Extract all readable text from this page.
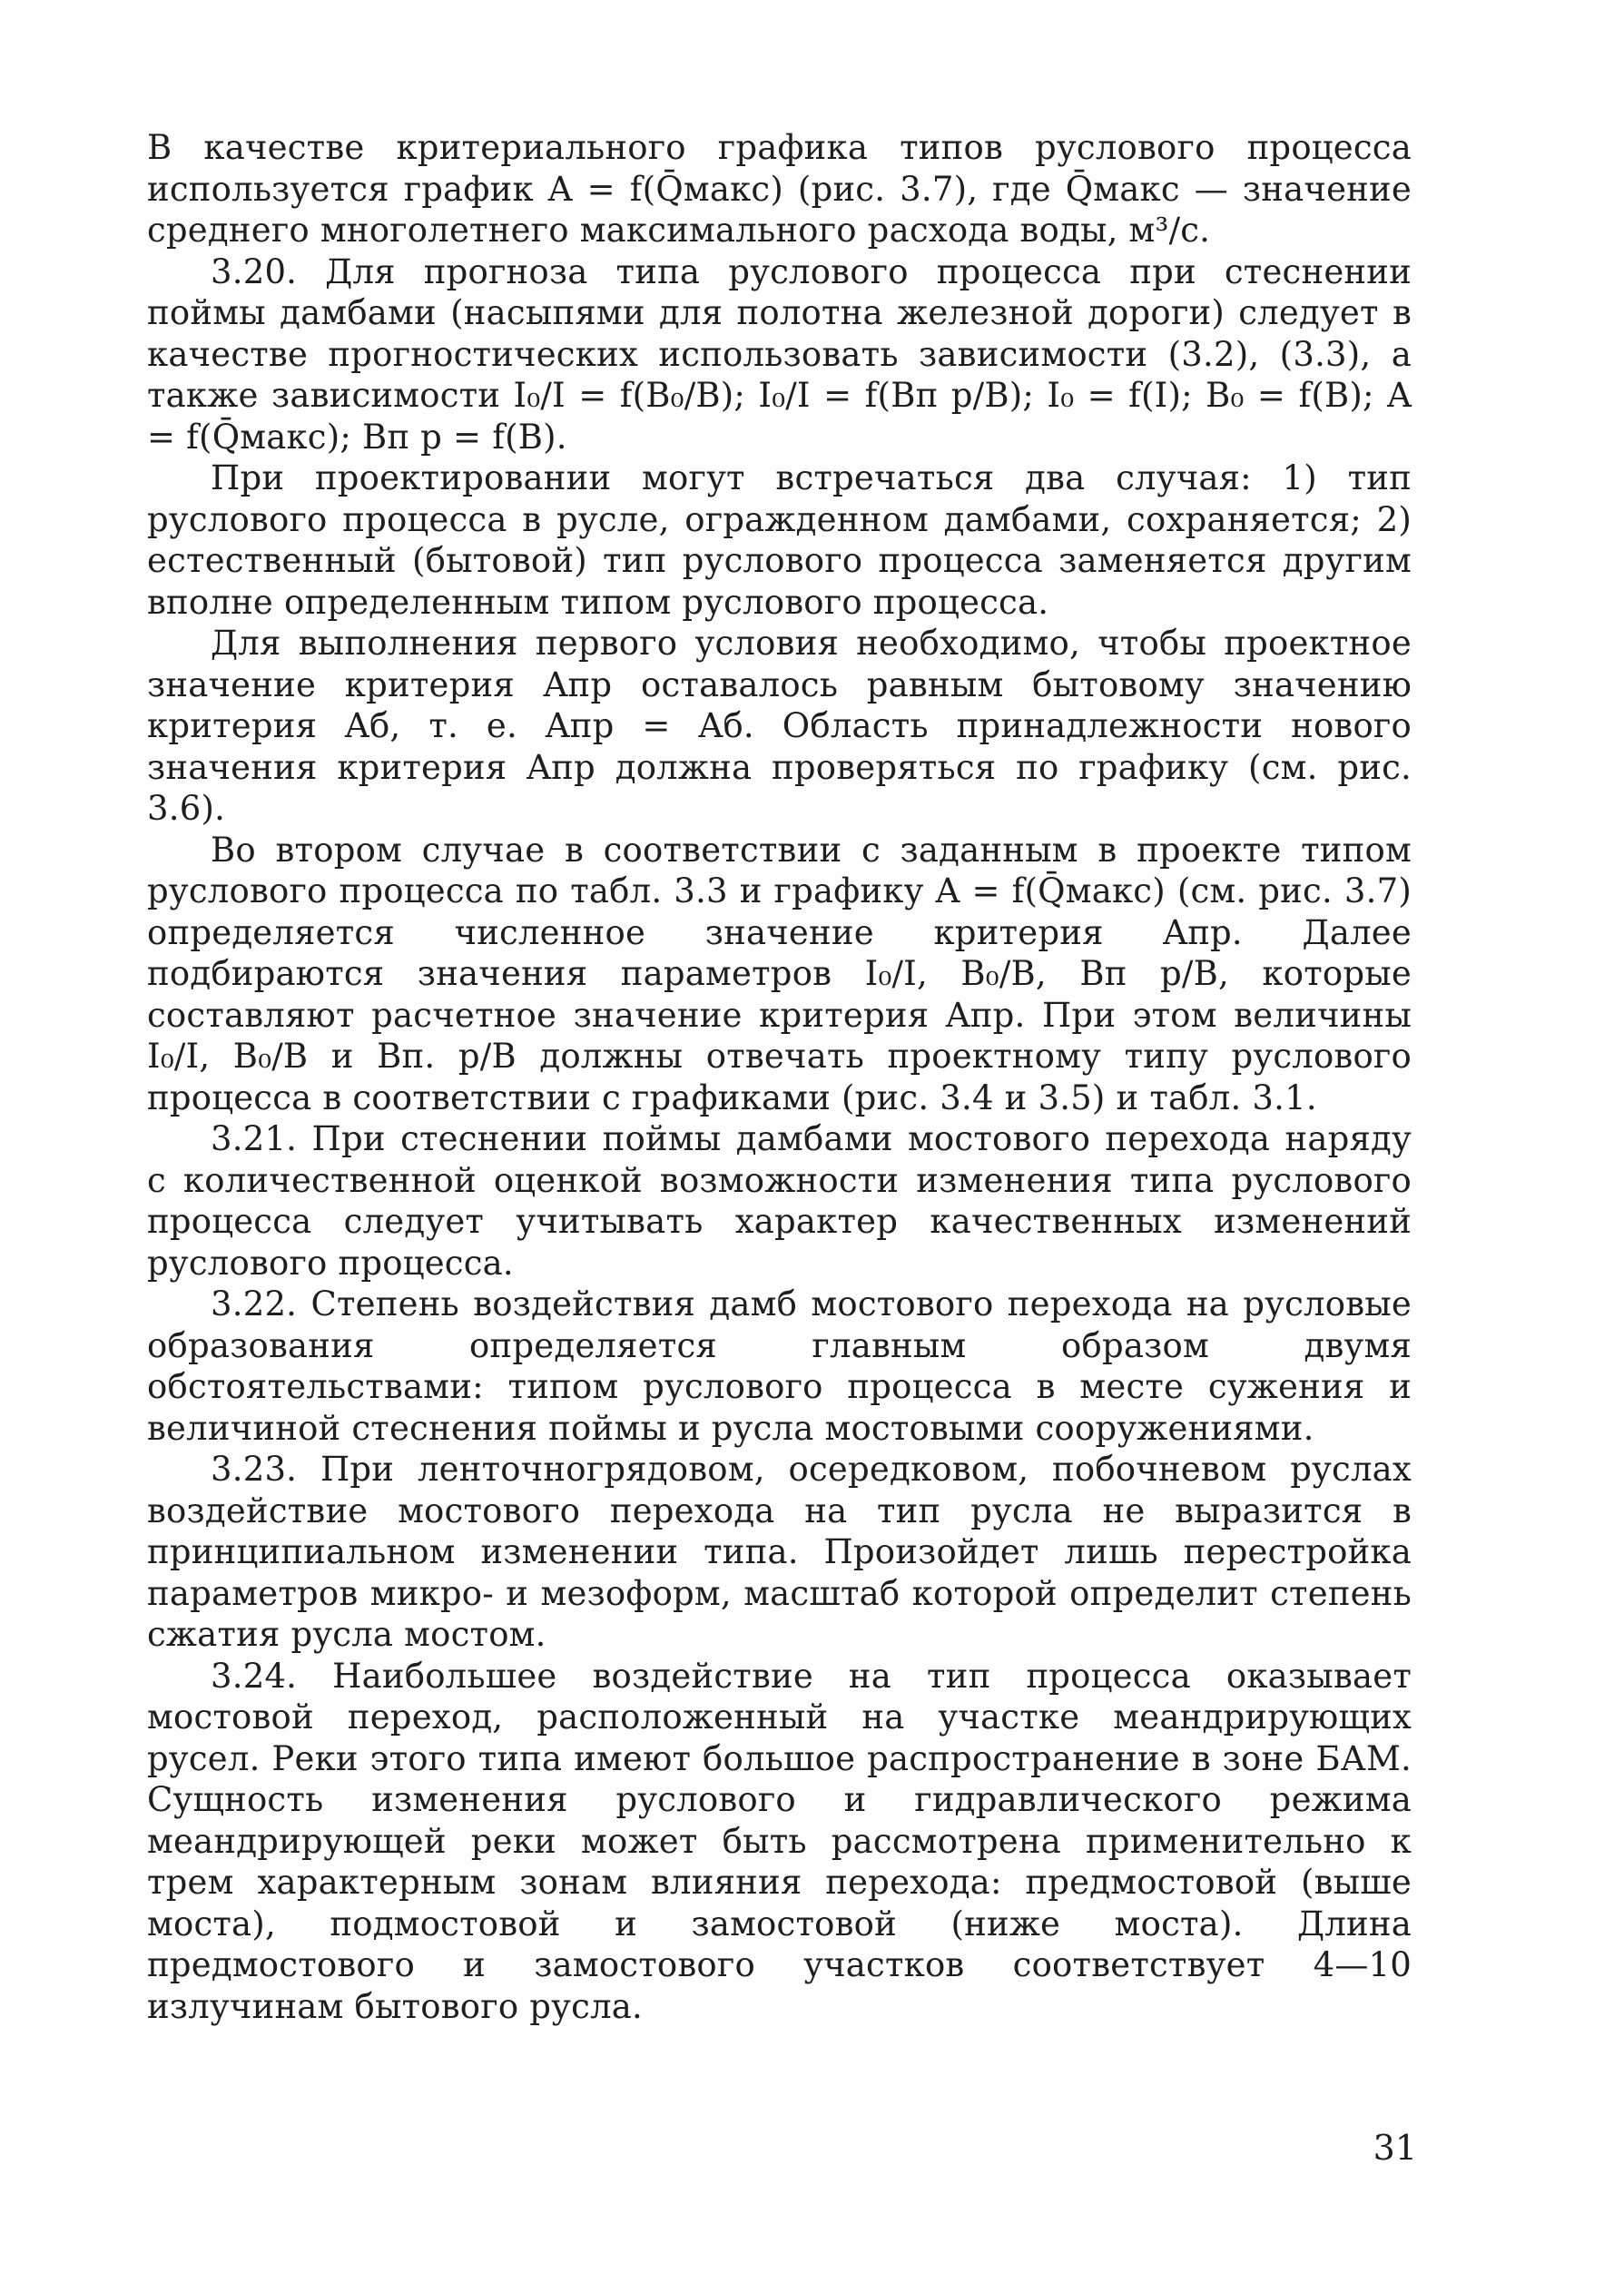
В качестве критериального графика типов руслового процесса используется график A = f(Q̄макс) (рис. 3.7), где Q̄макс — значение среднего многолетнего максимального расхода воды, м³/с.

3.20. Для прогноза типа руслового процесса при стеснении поймы дамбами (насыпями для полотна железной дороги) следует в качестве прогностических использовать зависимости (3.2), (3.3), а также зависимости I₀/I = f(B₀/B); I₀/I = f(Bп р/B); I₀ = f(I); B₀ = f(B); A = f(Q̄макс); Bп р = f(B).

При проектировании могут встречаться два случая: 1) тип руслового процесса в русле, огражденном дамбами, сохраняется; 2) естественный (бытовой) тип руслового процесса заменяется другим вполне определенным типом руслового процесса.

Для выполнения первого условия необходимо, чтобы проектное значение критерия Aпр оставалось равным бытовому значению критерия Aб, т. е. Aпр = Aб. Область принадлежности нового значения критерия Aпр должна проверяться по графику (см. рис. 3.6).

Во втором случае в соответствии с заданным в проекте типом руслового процесса по табл. 3.3 и графику A = f(Q̄макс) (см. рис. 3.7) определяется численное значение критерия Aпр. Далее подбираются значения параметров I₀/I, B₀/B, Bп р/B, которые составляют расчетное значение критерия Aпр. При этом величины I₀/I, B₀/B и Bп. р/B должны отвечать проектному типу руслового процесса в соответствии с графиками (рис. 3.4 и 3.5) и табл. 3.1.

3.21. При стеснении поймы дамбами мостового перехода наряду с количественной оценкой возможности изменения типа руслового процесса следует учитывать характер качественных изменений руслового процесса.

3.22. Степень воздействия дамб мостового перехода на русловые образования определяется главным образом двумя обстоятельствами: типом руслового процесса в месте сужения и величиной стеснения поймы и русла мостовыми сооружениями.

3.23. При ленточногрядовом, осередковом, побочневом руслах воздействие мостового перехода на тип русла не выразится в принципиальном изменении типа. Произойдет лишь перестройка параметров микро- и мезоформ, масштаб которой определит степень сжатия русла мостом.

3.24. Наибольшее воздействие на тип процесса оказывает мостовой переход, расположенный на участке меандрирующих русел. Реки этого типа имеют большое распространение в зоне БАМ. Сущность изменения руслового и гидравлического режима меандрирующей реки может быть рассмотрена применительно к трем характерным зонам влияния перехода: предмостовой (выше моста), подмостовой и замостовой (ниже моста). Длина предмостового и замостового участков соответствует 4—10 излучинам бытового русла.

31
